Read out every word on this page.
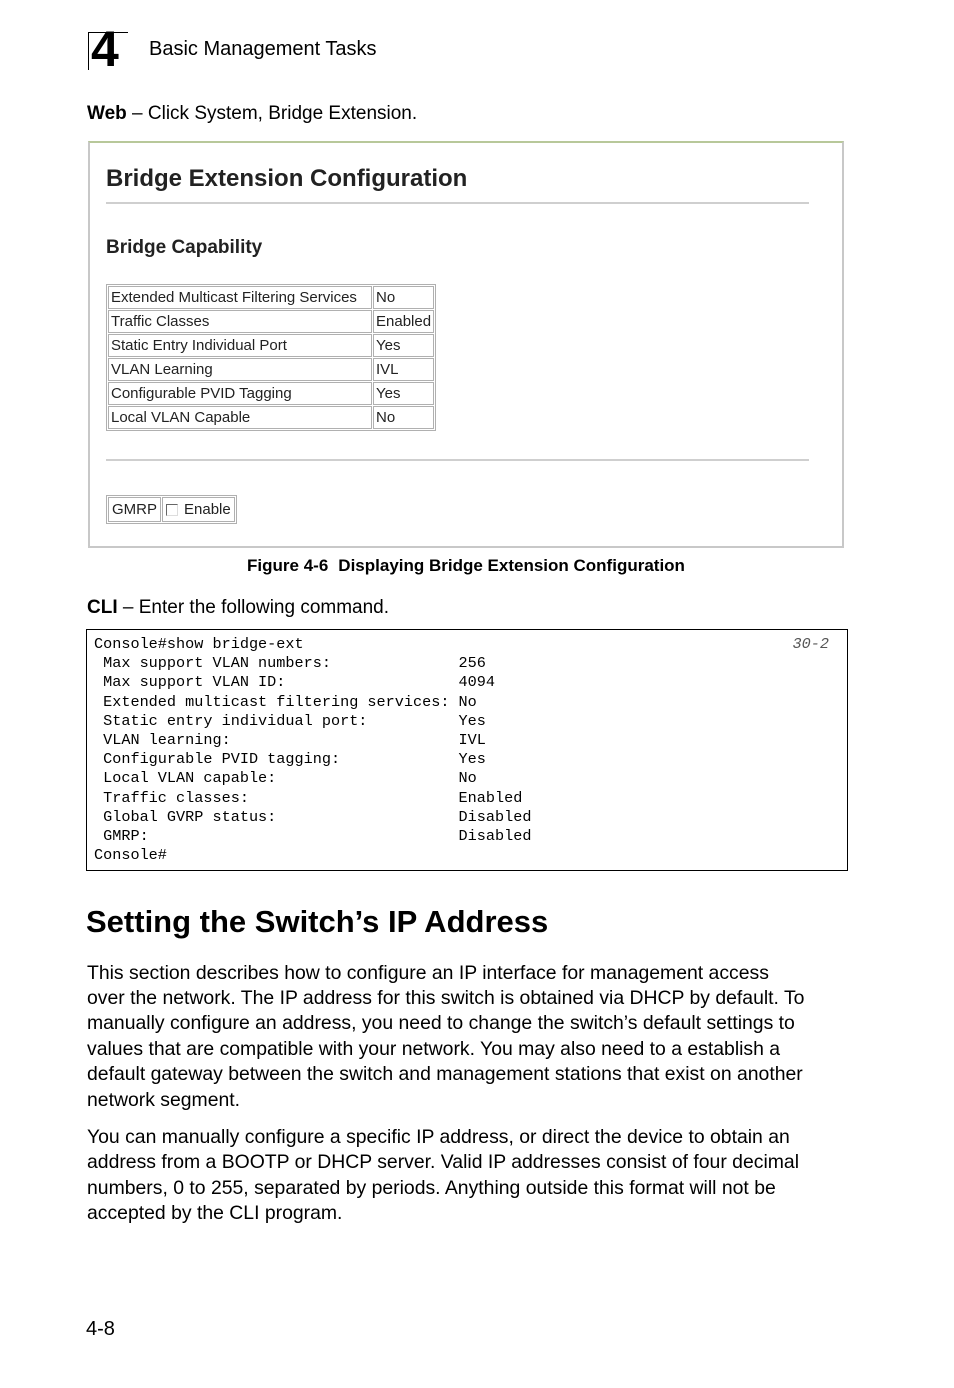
4 Basic Management Tasks
Web – Click System, Bridge Extension.
Bridge Extension Configuration
Bridge Capability
Extended Multicast Filtering Services	No
Traffic Classes	Enabled
Static Entry Individual Port	Yes
VLAN Learning	IVL
Configurable PVID Tagging	Yes
Local VLAN Capable	No
GMRP Enable
Figure 4-6 Displaying Bridge Extension Configuration
CLI – Enter the following command.
30-2
Console#show bridge-ext
Max support VLAN numbers:              256
Max support VLAN ID:                   4094
Extended multicast filtering services: No
Static entry individual port:          Yes
VLAN learning:                         IVL
Configurable PVID tagging:             Yes
Local VLAN capable:                    No
Traffic classes:                       Enabled
Global GVRP status:                    Disabled
GMRP:                                  Disabled
Console#
Setting the Switch’s IP Address
This section describes how to configure an IP interface for management access
over the network. The IP address for this switch is obtained via DHCP by default. To
manually configure an address, you need to change the switch’s default settings to
values that are compatible with your network. You may also need to a establish a
default gateway between the switch and management stations that exist on another
network segment.
You can manually configure a specific IP address, or direct the device to obtain an
address from a BOOTP or DHCP server. Valid IP addresses consist of four decimal
numbers, 0 to 255, separated by periods. Anything outside this format will not be
accepted by the CLI program.
4-8
